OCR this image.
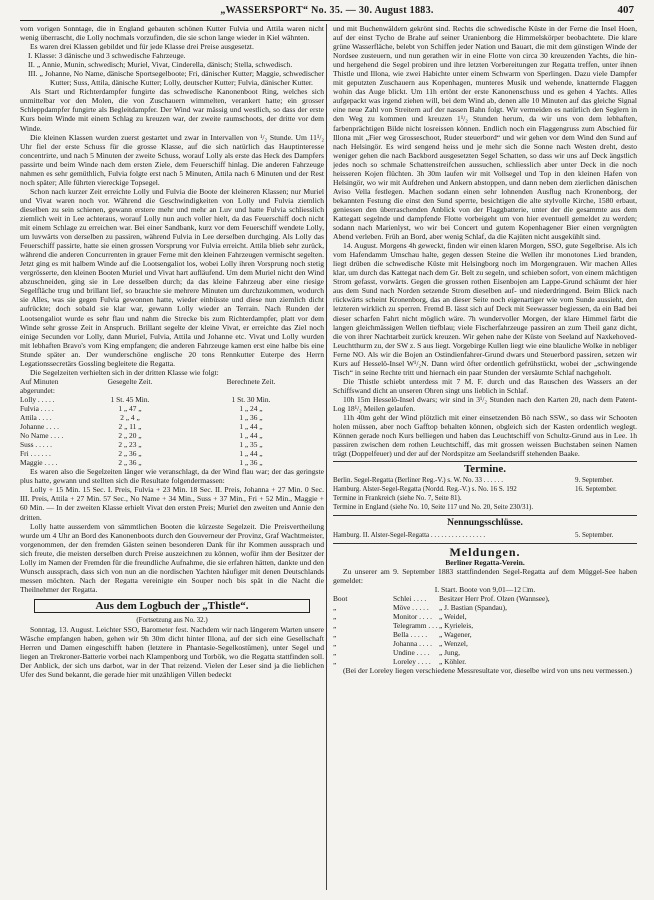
„WASSERSPORT“ No. 35. — 30. August 1883.	407

vom vorigen Sonntage, die in England gebauten schönen Kutter Fulvia und Attila waren nicht wenig überrascht, die Lolly nochmals vorzufinden, die sie schon lange wieder in Kiel wähnten.

Es waren drei Klassen gebildet und für jede Klasse drei Preise ausgesetzt.

I. Klasse: 3 dänische und 3 schwedische Fahrzeuge.

II. „ Annie, Munin, schwedisch; Muriel, Vivat, Cinderella, dänisch; Stella, schwedisch.

III. „ Johanne, No Name, dänische Sportsegelboote; Fri, dänischer Kutter; Maggie, schwedischer Kutter; Suss, Attila, dänische Kutter; Lolly, deutscher Kutter; Fulvia, dänischer Kutter.

Als Start und Richterdampfer fungirte das schwedische Kanonenboot Ring, welches sich unmittelbar vor den Molen, die von Zuschauern wimmelten, verankert hatte; ein grosser Schleppdampfer fungirte als Begleitdampfer. Der Wind war mässig und westlich, so dass der erste Kurs beim Winde mit einem Schlag zu kreuzen war, der zweite raumschoots, der dritte vor dem Winde.

Die kleinen Klassen wurden zuerst gestartet und zwar in Intervallen von ¹/₂ Stunde. Um 11¹/₂ Uhr fiel der erste Schuss für die grosse Klasse, auf die sich natürlich das Hauptinteresse concentrirte, und nach 5 Minuten der zweite Schuss, worauf Lolly als erste das Heck des Dampfers passirte und beim Winde nach dem ersten Ziele, dem Feuerschiff hinlag. Die anderen Fahrzeuge nahmen es sehr gemüthlich, Fulvia folgte erst nach 5 Minuten, Attila nach 6 Minuten und der Rest noch später; Alle führten viereckige Topsegel.

Schon nach kurzer Zeit erreichte Lolly und Fulvia die Boote der kleineren Klassen; nur Muriel und Vivat waren noch vor. Während die Geschwindigkeiten von Lolly und Fulvia ziemlich dieselben zu sein schienen, gewann erstere mehr und mehr an Luv und hatte Fulvia schliesslich ziemlich weit in Lee achteraus, worauf Lolly nun auch voller hielt, da das Feuerschiff doch nicht mit einem Schlage zu erreichen war. Bei einer Sandbank, kurz vor dem Feuerschiff wendete Lolly, um luvwärts von derselben zu passiren, während Fulvia in Lee derselben durchging. Als Lolly das Feuerschiff passirte, hatte sie einen grossen Vorsprung vor Fulvia erreicht. Attila blieb sehr zurück, während die anderen Concurrenten in grauer Ferne mit den kleinen Fahrzeugen vermischt segelten. Jetzt ging es mit halbem Winde auf die Lootsengaliot los, wobei Lolly ihren Vorsprung noch stetig vergrösserte, den kleinen Booten Muriel und Vivat hart aufläufend. Um dem Muriel nicht den Wind abzuschneiden, ging sie in Lee desselben durch; da das kleine Fahrzeug aber eine riesige Segelfläche trug und brillant lief, so brauchte sie mehrere Minuten um durchzukommen, wodurch sie Alles, was sie gegen Fulvia gewonnen hatte, wieder einbüsste und diese nun ziemlich dicht aufrückte; doch sobald sie klar war, gewann Lolly wieder an Terrain. Nach Runden der Lootsengaliot wurde es sehr flau und nahm die Strecke bis zum Richterdampfer, platt vor dem Winde sehr grosse Zeit in Anspruch. Brillant segelte der kleine Vivat, er erreichte das Ziel noch einige Secunden vor Lolly, dann Muriel, Fulvia, Attila und Johanne etc. Vivat und Lolly wurden mit lebhaften Bravo's vom King empfangen; die anderen Fahrzeuge kamen erst eine halbe bis eine Stunde später an. Der wunderschöne englische 20 tons Rennkutter Euterpe des Herrn Legationssecretärs Gossling begleitete die Regatta.

Die Segelzeiten verhielten sich in der dritten Klasse wie folgt:

Auf Minuten abgerundet:
Gesegelte Zeit.	Berechnete Zeit.
Lolly . . . . .	1 St. 45 Min.	1 St. 30 Min.
Fulvia . . . .	1 „ 47 „	1 „ 24 „
Attila . . . .	2 „ 4 „	1 „ 36 „
Johanne . . . .	2 „ 11 „	1 „ 44 „
No Name . . . .	2 „ 20 „	1 „ 44 „
Suss . . . . .	2 „ 23 „	1 „ 35 „
Fri . . . . . .	2 „ 36 „	1 „ 44 „
Maggie . . . .	2 „ 36 „	1 „ 36 „

Es waren also die Segelzeiten länger wie veranschlagt, da der Wind flau war; der das geringste plus hatte, gewann und stellten sich die Resultate folgendermassen:

Lolly + 15 Min. 15 Sec. I. Preis, Fulvia + 23 Min. 18 Sec. II. Preis, Johanna + 27 Min. 0 Sec. III. Preis, Attila + 27 Min. 57 Sec., No Name + 34 Min., Suss + 37 Min., Fri + 52 Min., Maggie + 60 Min. — In der zweiten Klasse erhielt Vivat den ersten Preis; Muriel den zweiten und Annie den dritten.

Lolly hatte ausserdem von sämmtlichen Booten die kürzeste Segelzeit. Die Preisvertheilung wurde um 4 Uhr an Bord des Kanonenboots durch den Gouverneur der Provinz, Graf Wachtmeister, vorgenommen, der den fremden Gästen seinen besonderen Dank für ihr Kommen aussprach und sich freute, die meisten derselben durch Preise auszeichnen zu können, wofür ihm der Besitzer der Lolly im Namen der Fremden für die freundliche Aufnahme, die sie erfahren hätten, dankte und den Wunsch aussprach, dass sich von nun an die nordischen Yachten häufiger mit denen Deutschlands messen möchten. Nach der Regatta vereinigte ein Souper noch bis spät in die Nacht die Theilnehmer der Regatta.

Aus dem Logbuch der „Thistle“.
(Fortsetzung aus No. 32.)

Sonntag, 13. August. Leichter SSO, Barometer fest. Nachdem wir nach längerem Warten unsere Wäsche empfangen haben, gehen wir 9h 30m dicht hinter Illona, auf der sich eine Gesellschaft Herren und Damen eingeschifft haben (letztere in Phantasie-Segelkostümen), unter Segel und liegen an Trekroner-Batterie vorbei nach Klampenborg und Torbök, wo die Regatta stattfinden soll. Der Anblick, der sich uns darbot, war in der That reizend. Vielen der Leser sind ja die lieblichen Ufer des Sund bekannt, die gerade hier mit unzähligen Villen bedeckt

und mit Buchenwäldern gekrönt sind. Rechts die schwedische Küste in der Ferne die Insel Hoen, auf der einst Tycho de Brahe auf seiner Uranienborg die Himmelskörper beobachtete. Die klare grüne Wasserfläche, belebt von Schiffen jeder Nation und Bauart, die mit dem günstigen Winde der Nordsee zusteuern, und nun gerathen wir in eine Flotte von circa 30 kreuzenden Yachts, die hin- und hergehend die Segel probiren und ihre letzten Vorbereitungen zur Regatta treffen, unter ihnen Thistle und Illona, wie zwei Habichte unter einem Schwarm von Sperlingen. Dazu viele Dampfer mit geputzten Zuschauern aus Kopenhagen, munteres Musik und wehende, knatternde Flaggen wohin das Auge blickt. Um 11h ertönt der erste Kanonenschuss und es gehen 4 Yachts. Alles aufgepackt was irgend ziehen will, bei dem Wind ab, denen alle 10 Minuten auf das gleiche Signal eine neue Zahl von Streitern auf der nassen Bahn folgt. Wir vermeiden es natürlich den Seglern in den Weg zu kommen und kreuzen 1¹/₂ Stunden herum, da wir uns von dem lebhaften, farbenprächtigen Bilde nicht losreissen können. Endlich noch ein Flaggengruss zum Abschied für Illona mit „Fier weg Grosseschoot, Ruder steuerbord“ und wir gehen vor dem Wind den Sund auf nach Helsingör. Es wird sengend heiss und je mehr sich die Sonne nach Westen dreht, desto weniger gehen die nach Backbord ausgesetzten Segel Schatten, so dass wir uns auf Deck ängstlich jedes noch so schmale Schattenstreifchen aussuchen, schliesslich aber unter Deck in die noch heisseren Kojen flüchten. 3h 30m laufen wir mit Vollsegel und Top in den kleinen Hafen von Helsingör, wo wir mit Aufdrehen und Ankern abstoppen, und dann neben dem zierlichen dänischen Aviso Vella festlegen. Machen sodann einen sehr lohnenden Ausflug nach Kronenborg, der bekannten Festung die einst den Sund sperrte, besichtigen die alte stylvolle Kirche, 1580 erbaut, geniessen den überraschenden Anblick von der Flaggbatterie, unter der die gesammte aus dem Kattegatt segelnde und dampfende Flotte vorbeigeht um von hier eventuell gemeldet zu werden; sodann nach Marienlyst, wo wir bei Concert und gutem Kopenhagener Bier einen vergnügten Abend verleben. Früh an Bord, aber wenig Schlaf, da die Kajüten nicht ausgekühlt sind.

14. August. Morgens 4h geweckt, finden wir einen klaren Morgen, SSO, gute Segelbrise. Als ich vom Hafendamm Umschau halte, gegen dessen Steine die Wellen ihr monotones Lied branden, liegt drüben die schwedische Küste mit Helsingborg noch im Morgengrauen. Wir machen Alles klar, um durch das Kattegat nach dem Gr. Belt zu segeln, und schieben sofort, von einem mächtigen Strom gefasst, vorwärts. Gegen die grossen rothen Eisenbojen am Lappe-Grund schäumt der hier aus dem Sund nach Norden setzende Strom dieselben auf- und niederdringend. Beim Blick nach rückwärts scheint Kronenborg, das an dieser Seite noch eigenartiger wie vom Sunde aussieht, den letzteren wirklich zu sperren. Fremd B. lässt sich auf Deck mit Seewasser begiessen, da ein Bad bei dieser scharfen Fahrt nicht möglich wäre. 7h wundervoller Morgen, der klare Himmel färbt die langen gleichmässigen Wellen tiefblau; viele Fischerfahrzeuge passiren an zum Theil ganz dicht, die von ihrer Nachtarbeit zurück kreuzen. Wir gehen nahe der Küste von Seeland auf Naxkehoved-Leuchtthurm zu, der SW z. S aus liegt. Vorgebirge Kullen liegt wie eine blauliche Wolke in nebliger Ferne NO. Als wir die Bojen an Ostindienfahrer-Grund dwars und Steuerbord passiren, setzen wir Kurs auf Hesselö-Insel W¹/₂N. Dann wird öfter ordentlich gefrühstückt, wobei der „schwingende Tisch“ in seine Rechte tritt und hiernach ein paar Stunden der versäumte Schlaf nachgeholt.

Die Thistle schiebt unterdess mit 7 M. F. durch und das Rauschen des Wassers an der Schiffswand dicht an unseren Ohren singt uns lieblich in Schlaf.

10h 15m Hesselö-Insel dwars; wir sind in 3¹/₂ Stunden nach den Karten 20, nach dem Patent-Log 18¹/₂ Meilen gelaufen.

11h 40m geht der Wind plötzlich mit einer einsetzenden Bö nach SSW., so dass wir Schooten holen müssen, aber noch Gafftop behalten können, obgleich sich der Kasten ordentlich weglegt. Können gerade noch Kurs belliegen und haben das Leuchtschiff von Schultz-Grund aus in Lee. 1h passiren zwischen dem rothen Leuchtschiff, das mit grossen weissen Buchstaben seinen Namen trägt (Doppelfeuer) und der auf der Nordspitze am Seelandsriff stehenden Baake.

Termine.
Berlin. Segel-Regatta (Berliner Reg.-V.) s. W. No. 33 . . . . . .	9. September.
Hamburg. Alster-Segel-Regatta (Nordd. Reg.-V.) s. No. 16 S. 192	16. September.
Termine in Frankreich (siehe No. 7, Seite 81).
Termine in England (siehe No. 10, Seite 117 und No. 20, Seite 230/31).
Nennungsschlüsse.
Hamburg. II. Alster-Segel-Regatta . . . . . . . . . . . . . . . .	5. September.
Meldungen.
Berliner Regatta-Verein.

Zu unserer am 9. September 1883 stattfindenden Segel-Regatta auf dem Müggel-See haben gemeldet:

I. Start. Boote von 9,01—12 □m.

Boot	Schlei . . . .	Besitzer Herr Prof. Olzen (Wannsee),
„	Möve . . . . .	„ J. Bastian (Spandau),
„	Monitor . . . . „ Weidel,
„	Telegramm . . . „ Kyrieleis,
„	Bella . . . . .	„ Wagener,
„	Johanna . . . . „ Wenzel,
„	Undine . . . .	„ Jung,
„	Loreley . . . .	„ Köhler.

(Bei der Loreley liegen verschiedene Messresultate vor, dieselbe wird von uns neu vermessen.)
